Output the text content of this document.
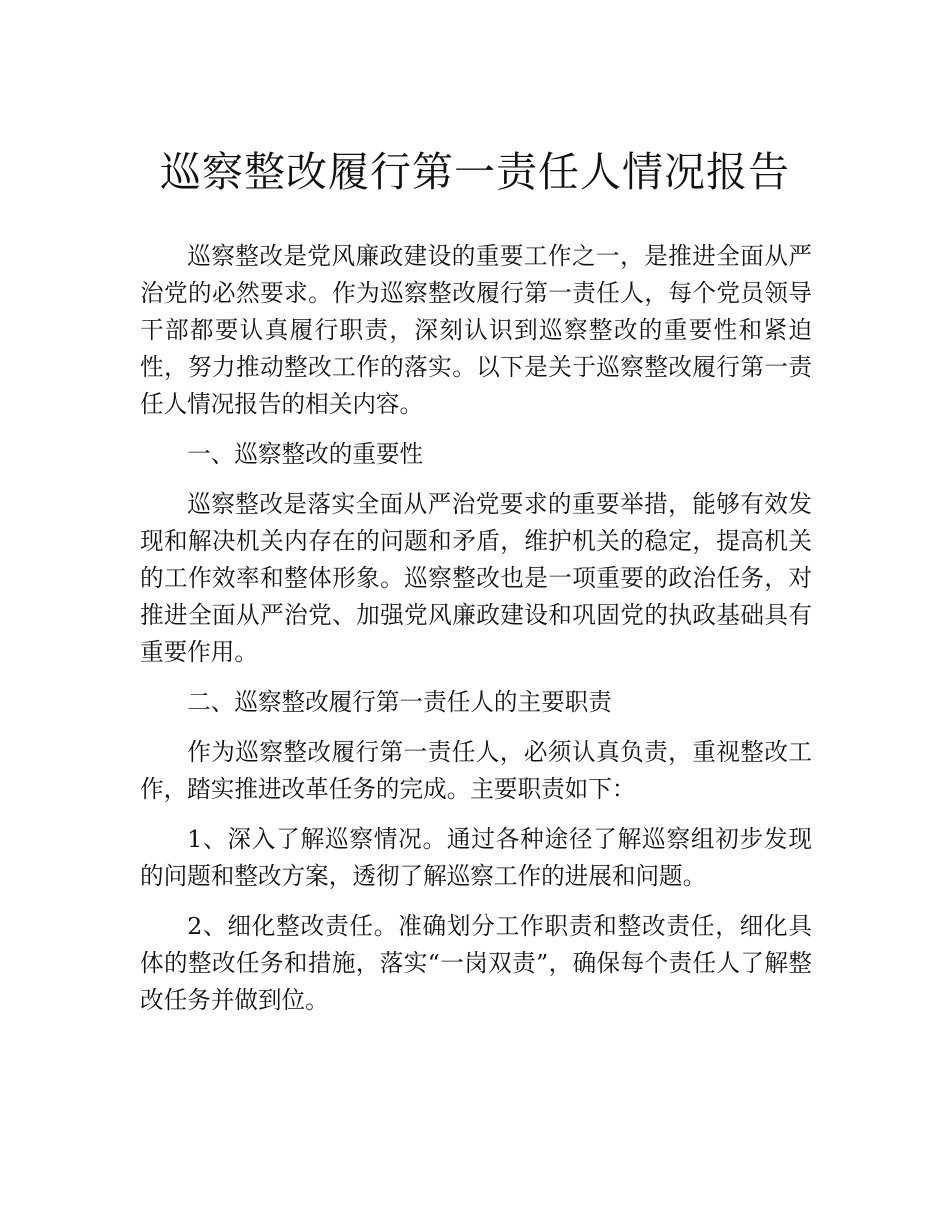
巡察整改履行第一责任人情况报告

巡察整改是党风廉政建设的重要工作之一，是推进全面从严治党的必然要求。作为巡察整改履行第一责任人，每个党员领导干部都要认真履行职责，深刻认识到巡察整改的重要性和紧迫性，努力推动整改工作的落实。以下是关于巡察整改履行第一责任人情况报告的相关内容。

一、巡察整改的重要性

巡察整改是落实全面从严治党要求的重要举措，能够有效发现和解决机关内存在的问题和矛盾，维护机关的稳定，提高机关的工作效率和整体形象。巡察整改也是一项重要的政治任务，对推进全面从严治党、加强党风廉政建设和巩固党的执政基础具有重要作用。

二、巡察整改履行第一责任人的主要职责

作为巡察整改履行第一责任人，必须认真负责，重视整改工作，踏实推进改革任务的完成。主要职责如下：

1、深入了解巡察情况。通过各种途径了解巡察组初步发现的问题和整改方案，透彻了解巡察工作的进展和问题。

2、细化整改责任。准确划分工作职责和整改责任，细化具体的整改任务和措施，落实“一岗双责”，确保每个责任人了解整改任务并做到位。
